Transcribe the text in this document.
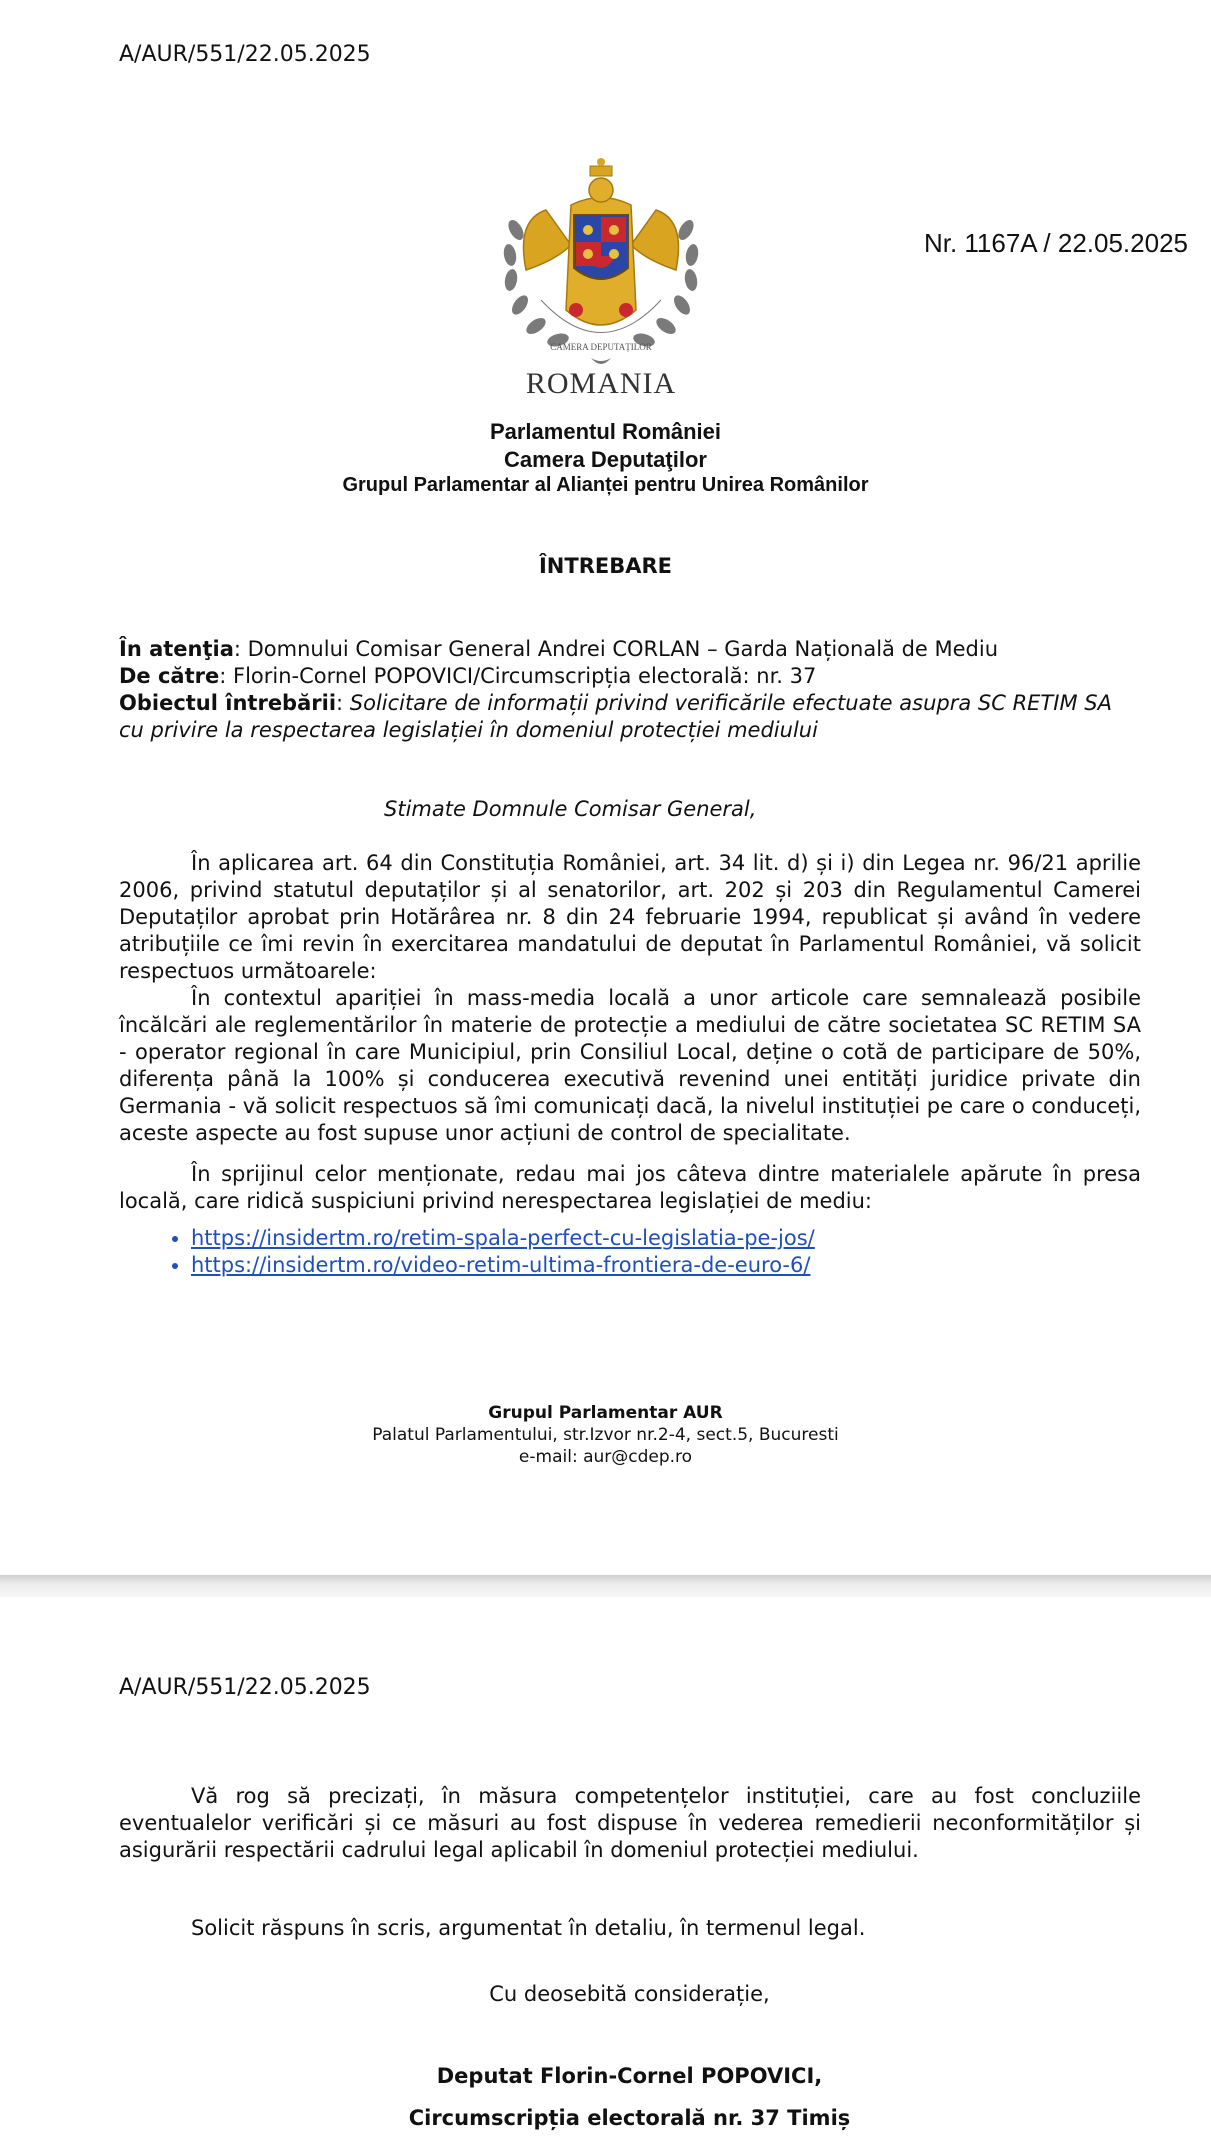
A/AUR/551/22.05.2025
Nr. 1167A / 22.05.2025
CAMERA DEPUTAȚILOR
ROMANIA
Parlamentul României
Camera Deputaţilor
Grupul Parlamentar al Alianței pentru Unirea Românilor
ÎNTREBARE
În atenţia: Domnului Comisar General Andrei CORLAN – Garda Națională de Mediu
De către: Florin-Cornel POPOVICI/Circumscripția electorală: nr. 37
Obiectul întrebării: Solicitare de informații privind verificările efectuate asupra SC RETIM SA cu privire la respectarea legislației în domeniul protecției mediului
Stimate Domnule Comisar General,
În aplicarea art. 64 din Constituția României, art. 34 lit. d) și i) din Legea nr. 96/21 aprilie 2006, privind statutul deputaților și al senatorilor, art. 202 și 203 din Regulamentul Camerei Deputaților aprobat prin Hotărârea nr. 8 din 24 februarie 1994, republicat și având în vedere atribuțiile ce îmi revin în exercitarea mandatului de deputat în Parlamentul României, vă solicit respectuos următoarele:
În contextul apariției în mass-media locală a unor articole care semnalează posibile încălcări ale reglementărilor în materie de protecție a mediului de către societatea SC RETIM SA - operator regional în care Municipiul, prin Consiliul Local, deține o cotă de participare de 50%, diferența până la 100% și conducerea executivă revenind unei entități juridice private din Germania - vă solicit respectuos să îmi comunicați dacă, la nivelul instituției pe care o conduceți, aceste aspecte au fost supuse unor acțiuni de control de specialitate.
În sprijinul celor menționate, redau mai jos câteva dintre materialele apărute în presa locală, care ridică suspiciuni privind nerespectarea legislației de mediu:
• https://insidertm.ro/retim-spala-perfect-cu-legislatia-pe-jos/
• https://insidertm.ro/video-retim-ultima-frontiera-de-euro-6/
Grupul Parlamentar AUR
Palatul Parlamentului, str.Izvor nr.2-4, sect.5, Bucuresti
e-mail: aur@cdep.ro
A/AUR/551/22.05.2025
Vă rog să precizați, în măsura competențelor instituției, care au fost concluziile eventualelor verificări și ce măsuri au fost dispuse în vederea remedierii neconformităților și asigurării respectării cadrului legal aplicabil în domeniul protecției mediului.
Solicit răspuns în scris, argumentat în detaliu, în termenul legal.
Cu deosebită considerație,
Deputat Florin-Cornel POPOVICI,
Circumscripția electorală nr. 37 Timiș
